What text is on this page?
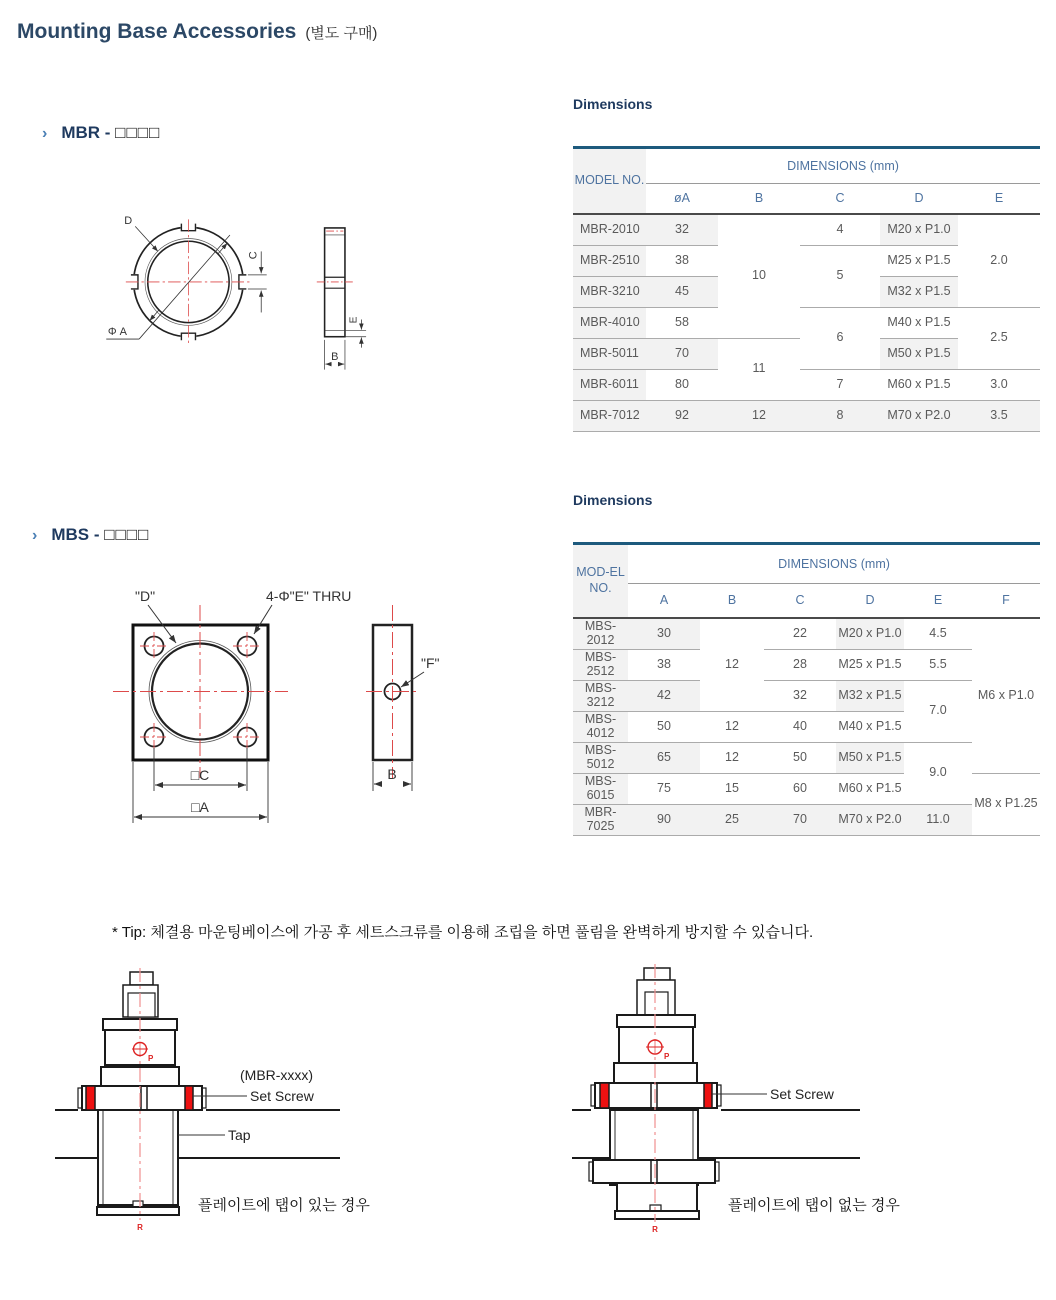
Mounting Base Accessories (별도 구매)
› MBR - □□□□
Dimensions
MODEL NO.	DIMENSIONS (mm)				
	øA	B	C	D	E
MBR-2010	32	10	4	M20 x P1.0	2.0
MBR-2510	38		5	M25 x P1.5	
MBR-3210	45			M32 x P1.5	
MBR-4010	58		6	M40 x P1.5	2.5
MBR-5011	70	11		M50 x P1.5	
MBR-6011	80		7	M60 x P1.5	3.0
MBR-7012	92	12	8	M70 x P2.0	3.5
D
Φ A
C
B
E
› MBS - □□□□
Dimensions
MOD-EL NO.	DIMENSIONS (mm)					
	A	B	C	D	E	F
MBS-2012	30	12	22	M20 x P1.0	4.5	M6 x P1.0
MBS-2512	38		28	M25 x P1.5	5.5	
MBS-3212	42		32	M32 x P1.5	7.0	
MBS-4012	50	12	40	M40 x P1.5		
MBS-5012	65	12	50	M50 x P1.5	9.0	
MBS-6015	75	15	60	M60 x P1.5		M8 x P1.25
MBR-7025	90	25	70	M70 x P2.0	11.0	
"D"	4-Φ"E" THRU
□C
□A
"F"
B
* Tip: 체결용 마운팅베이스에 가공 후 세트스크류를 이용해 조립을 하면 풀림을 완벽하게 방지할 수 있습니다.
P
R
(MBR-xxxx)
Set Screw
Tap
플레이트에 탭이 있는 경우
P
R
Set Screw
플레이트에 탭이 없는 경우
